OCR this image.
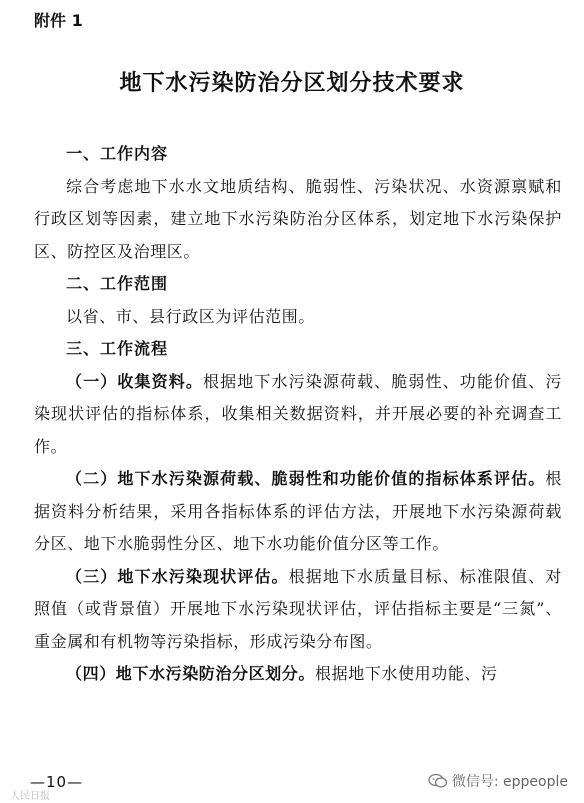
附件 1
地下水污染防治分区划分技术要求
一、工作内容
综合考虑地下水水文地质结构、脆弱性、污染状况、水资源禀赋和行政区划等因素，建立地下水污染防治分区体系，划定地下水污染保护区、防控区及治理区。
二、工作范围
以省、市、县行政区为评估范围。
三、工作流程
（一）收集资料。根据地下水污染源荷载、脆弱性、功能价值、污染现状评估的指标体系，收集相关数据资料，并开展必要的补充调查工作。
（二）地下水污染源荷载、脆弱性和功能价值的指标体系评估。根据资料分析结果，采用各指标体系的评估方法，开展地下水污染源荷载分区、地下水脆弱性分区、地下水功能价值分区等工作。
（三）地下水污染现状评估。根据地下水质量目标、标准限值、对照值（或背景值）开展地下水污染现状评估，评估指标主要是“三氮”、重金属和有机物等污染指标，形成污染分布图。
（四）地下水污染防治分区划分。根据地下水使用功能、污
—10—
人民日报
微信号: eppeople
